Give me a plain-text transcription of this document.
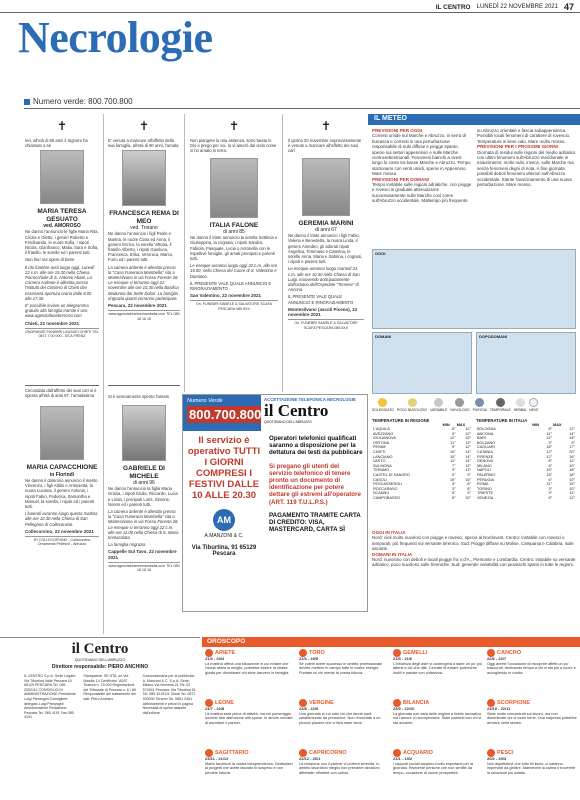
IL CENTRO LUNEDÌ 22 NOVEMBRE 2021 47
Necrologie
Numero verde: 800.700.800
✝

Ieri, all'età di 85 anni il Signore ha chiamato a sé

MARIA TERESA GESUATO
ved. AMOROSO

Ne danno l'annuncio le figlie Maria Rita, Cinzia e Oletto, i generi Roberto e Ferdinando, le nuore Sofia, i nipoti Nicola, Gianfranco, Maila, Sara e Sofia, il fratello, le sorelle ed i parenti tutti.

Non fiori ma opere di bene

Il rito funebre avrà luogo oggi, Lunedì 22 c.m. alle ore 15.30 nella Chiesa Parrocchiale di S. Antonio Abate. La Camera Ardente è allestita presso l'Istituto del Cimitero di Chieti che osserverà apertura oraria dalle 8.00 alle 17.30.

E' possibile inviare un telegramma gratuito alla famiglia tramite il sito: www.agenziafunebrerossi.com

Chieti, 22 novembre 2021

ONORANZE FUNEBRI LAUSDEI CHIETI TEL 0871 7 00 000 - SS A FRENZ

Circondata dall'affetto dei suoi cari si è spenta all'età di anni 87, l'amatissima

MARIA CAPACCHIONE
in Florindi

Ne danno il doloroso annuncio il marito Vincenzo, i figli Attilio e Antonietta, la nuora Luciana, il genero Antonio, i nipoti Fabio, Federica, Samantha e Manuel, la sorella, i nipoti ed i parenti tutti.

I funerali avranno luogo questa mattina alle ore 10.30 nella Chiesa di San Pellegrino di Collecorvino.

Collecorvino, 22 novembre 2021

IFI COLLECORVINO - Collecorvino Ornaments Pellesch - Abruzzo
✝

E' venuta a mancare all'affetto della sua famiglia, all'età di 90 anni, l'amata

FRANCESCA REMA DI MEO
ved. Troiano

Ne danno l'annuncio i figli Paolo e Marina, le nuore Clara ed Anna, il genero Enrico, la sorella Vittoria, il fratello Alberto, i nipoti Gianluca, Francesca, Erika, Veronica, Marco, Furio ed i parenti tutti.

La camera ardente è allestita presso la "Casa Funeraria Mambella" sita a Montesilvano in via Fosso Foreste 28. Le esequie si terranno oggi 22 novembre alle ore 10.30 nella Basilica Madonna dei Sette Dolori. La famiglia ringrazia quanti vorranno partecipare.

Pescara, 22 novembre 2021

www.agenziafunebremambella.com TEL 085 18 18 18

Si è serenamente spento l'amato

GABRIELE DI MICHELE
di anni 96

Ne danno l'annuncio la figlia Maria Grazia, i nipoti Giulia, Riccardo, Lucia e Linda, i pronipoti Loris, Simone, Noemi ed i parenti tutti.

La camera ardente è allestita presso la "Casa Funeraria Mambella" sita a Montesilvano in via Fosso Foreste 28. Le esequie si terranno oggi 22 c.m. alle ore 11.00 nella Chiesa di S. Maria Immacolata.

La famiglia ringrazia

Cappelle Sul Tavo, 22 novembre 2021

www.agenziafunebremambella.com TEL 085 18 18 18
✝

Non piangete la mia assenza, sono beata in Dio e prego per voi. Io vi amerò dal cielo come vi ho amato in terra.

ITALIA FALONE
di anni 85

Ne danno il triste annuncio la sorella Settimia e Giuseppina, la cognata, i nipoti Sandra, Fabiola, Pasquale, Lucia o Antonella con le rispettive famiglie, gli amati pronipoti e parenti tutti.

Le esequie avranno luogo oggi 22 c.m. alle ore 15.00, nella Chiesa del Cuore di S. Valentino e Damiano.

IL PRESENTE VALE QUALE ANNUNCIO E RINGRAZIAMENTO

San Valentino, 22 novembre 2021

On. FUNEBRI SAMELE & SALVATORE SCAFA PESCARA 085 8XX
✝

Il giorno 20 novembre improvvisamente è venuto a mancare all'affetto dei suoi cari

GEREMIA MARINI
di anni 67

Ne danno il triste annuncio i figli Fabio, Valeria e Benedetta, la nuora Linda, il genero Amedeo, gli adorati nipoti Angelica, Tommaso e Caterina, le sorelle Anna, Maria e Sabrina, i cognati, i nipoti e parenti tutti.

Le esequie avranno luogo martedì 23 c.m. alle ore 10.30 nella Chiesa di San Luigi, muovendo anticipatamente dall'ostiario dell'Ospedale "Tornese" di Ancona.

IL PRESENTE VALE QUALE ANNUNCIO E RINGRAZIAMENTO

Montesilvano (ascoli Piceno), 22 novembre 2021

On. FUNEBRI SAMELE & SALVATORE SCAFA PESCARA 085 8XX
Numero Verde
800.700.800
ACCETTAZIONE TELEFONICA NECROLOGIE
il Centro
QUOTIDIANO DELL'ABRUZZO
Il servizio è operativo TUTTI I GIORNI COMPRESI I FESTIVI DALLE 10 ALLE 20.30
AM
A.MANZONI & C.
Via Tiburtina, 91 65129 Pescara
Operatori telefonici qualificati saranno a disposizione per la dettatura dei testi da pubblicare
Si pregano gli utenti del servizio telefonico di tenere pronto un documento di identificazione per potere dettare gli estremi all'operatore (ART. 119 T.U.L.P.S.)
PAGAMENTO TRAMITE CARTA DI CREDITO: VISA, MASTERCARD, CARTA SÌ
IL METEO
PREVISIONI PER OGGI
Correnti umide sul Marche e Abruzzo, in serra di burrasca e correnti in una perturbazione responsabile di nubi diffuse e piogge sparse, specie sui settori appenninici e sulle Marche centrosettentrionali. Fenomeni bianchi a ovest lungo le coste tra basse Marche e Abruzzo. Tempo stazionario con venti umidi, specie in Appennino. Mare mosso.
PREVISIONI PER DOMANI
Tempo instabile sulle regioni adriatiche, con piogge e rovesci in graduale attenuazione successivamente sulle Marche così come sull'Abruzzo occidentale. Maltempo più frequente
su Abruzzo orientale e fascia subappenninica. Possibili locali fenomeni di carattere di rovescio. Temperature in lieve calo. Mare molto mosso.
PREVISIONI PER I PROSSIMI GIORNI
Giornata di residui sulle regioni del medio adriatico con ultimi fenomeni sull'Abruzzo meridionale in esaurimento; molto nubi, invece, sulle Marche ma senza fenomeni degni di nota. A fine giornata possibili deboli fenomeni ulteriori sull'Abruzzo occidentale. Stante l'avvicinamento di una nuova perturbazione. Mare mosso.
OGGI
DOMANI	DOPODOMANI
SOLEGGIATO POCO NUVOLOSO VARIABILE NUVOLOSO PIOGGIA TEMPORALE NEBBIA NEVE
TEMPERATURE IN REGIONE
	MIN	MAX
L'AQUILA	8°	12°
AVEZZANO	5°	12°
GIULIANOVA	12°	15°
ORTONA	11°	13°
PENNE	9°	12°
CHIETI	10°	14°
LANCIANO	10°	14°
VASTO	11°	14°
SULMONA	7°	12°
TERAMO	9°	13°
CASTEL DI SANGRO	5°	9°
CASOLI	10°	15°
PESCASSEROLI	4°	8°
ROCCARASO	3°	6°
SCANNO	5°	9°
CAMPOBASSO	8°	10°
TEMPERATURE IN ITALIA
	MIN	MAX
BOLOGNA	8°	12°
ANCONA	11°	14°
BARI	12°	18°
BOLZANO	3°	9°
CAGLIARI	16°	17°
CATANIA	12°	20°
FIRENZE	12°	16°
GENOVA	8°	12°
MILANO	6°	10°
NAPOLI	15°	18°
PALERMO	15°	18°
PERUGIA	6°	10°
ROMA	11°	15°
TORINO	3°	10°
TRIESTE	9°	11°
VENEZIA	8°	12°
OGGI IN ITALIA
Nord: cieli molto nuvolosi con piogge e rovesci, specie al Nordovest. Centro: instabile con rovesci e temporali, più frequenti sul versante tirrenico. Sud: Piogge diffuse su Molise, Campania e Calabria, isole asciutte.
DOMANI IN ITALIA
Nord: nuvoloso con deboli e locali piogge fra V.d'A., Piemonte e Lombardia. Centro: instabile su versante adriatico, poco nuvoloso sulle tirreniche. Sud: generale variabilità con piovaschi sparsi in tutte le regioni.
il Centro
QUOTIDIANO DELL'ABRUZZO
Direttore responsabile: PIERO ANCHINO
IL CENTRO S.p.A. Sede Legale: Via Tiburtina Valle Pescara 10 65129 PESCARA Tel. 085 2052111 CONSIGLIO DI AMMINISTRAZIONE Presidente Luigi Pierangeli Consigliere delegato Luigi Pierangeli Amministratore Redazione: Pescara Tel. 085 4191 Fax 085 4191
Stampatore: SE.STA. srl Via Masdis 14 Certificato "ADS" Tiratura n. 23.000 Registrazione del Tribunale di Pescara n. 6 / 86 Responsabile del trattamento dei dati: Piero Anchino
Concessionaria per la pubblicità: A. Manzoni & C. S.p.A. Sede: Milano Via Nervesa 21 Tel. 02 574941 Pescara: Via Tiburtina 91 Tel. 085 4215111 Chieti Tel. 0871 330000 Teramo Tel. 0861 2461 Abbonamenti e prezzi in pagina Necessità di spese assunte dall'editore
OROSCOPO
ARIETE
21/3 - 20/4
La mattina offrirà una situazione in cui evitare che l'ansia abbia la meglio, potrebbe essere la strada giusta per dimostrare chi siete davvero in famiglia.
TORO
21/4 - 20/5
Se volete avere successo in ambito professionale dovete mettere in campo tutte le vostre energie. Puntate su chi merita la vostra fiducia.
GEMELLI
21/5 - 21/6
L'influenza degli astri vi costringerà a stare un po' più attenti a ciò che dite. Cercate di evitare polemiche inutili e parlate con chiarezza.
CANCRO
22/6 - 22/7
Oggi avrete l'occasione di riscoprire affetti un po' trascurati, dedicando tempo a chi vi sta più a cuore e accogliendo le novità.
LEONE
23/7 - 22/8
La mattina sarà piena di attività, ma nel pomeriggio dovrete fare attenzione alle spese. In amore cercate di ascoltare il partner.
VERGINE
23/8 - 22/9
Una giornata in cui tutto ciò che farete sarà caratterizzato da precisione. Non rinunciate a un piccolo piacere che vi farà stare bene.
BILANCIA
23/9 - 22/10
La giornata non sarà delle migliori a livello lavorativo, ma l'amore vi ricompenserà. Siate pazienti con chi vi sta accanto.
SCORPIONE
23/10 - 22/11
Siete molto concentrati sul lavoro, ma non dimenticate chi vi vuole bene. Una sorpresa potrebbe arrivare nella serata.
SAGITTARIO
23/11 - 21/12
Marte favorisce la vostra intraprendenza. Dedicatevi ai progetti che avete lasciato in sospeso e non perdete fiducia.
CAPRICORNO
22/12 - 20/1
La relazione con il partner vi porterà serenità. In ambito lavorativo meglio non prendere decisioni affrettate: riflettete con calma.
ACQUARIO
21/1 - 19/2
I rapporti sociali saranno molto importanti per la giornata. Rivedrete persone che non sentite da tempo, occasione di nuove prospettive.
PESCI
20/2 - 20/3
Non aspettatevi che tutto fili liscio: ci saranno imprevisti da gestire. Mantenete la calma e troverete la soluzione più adatta.
